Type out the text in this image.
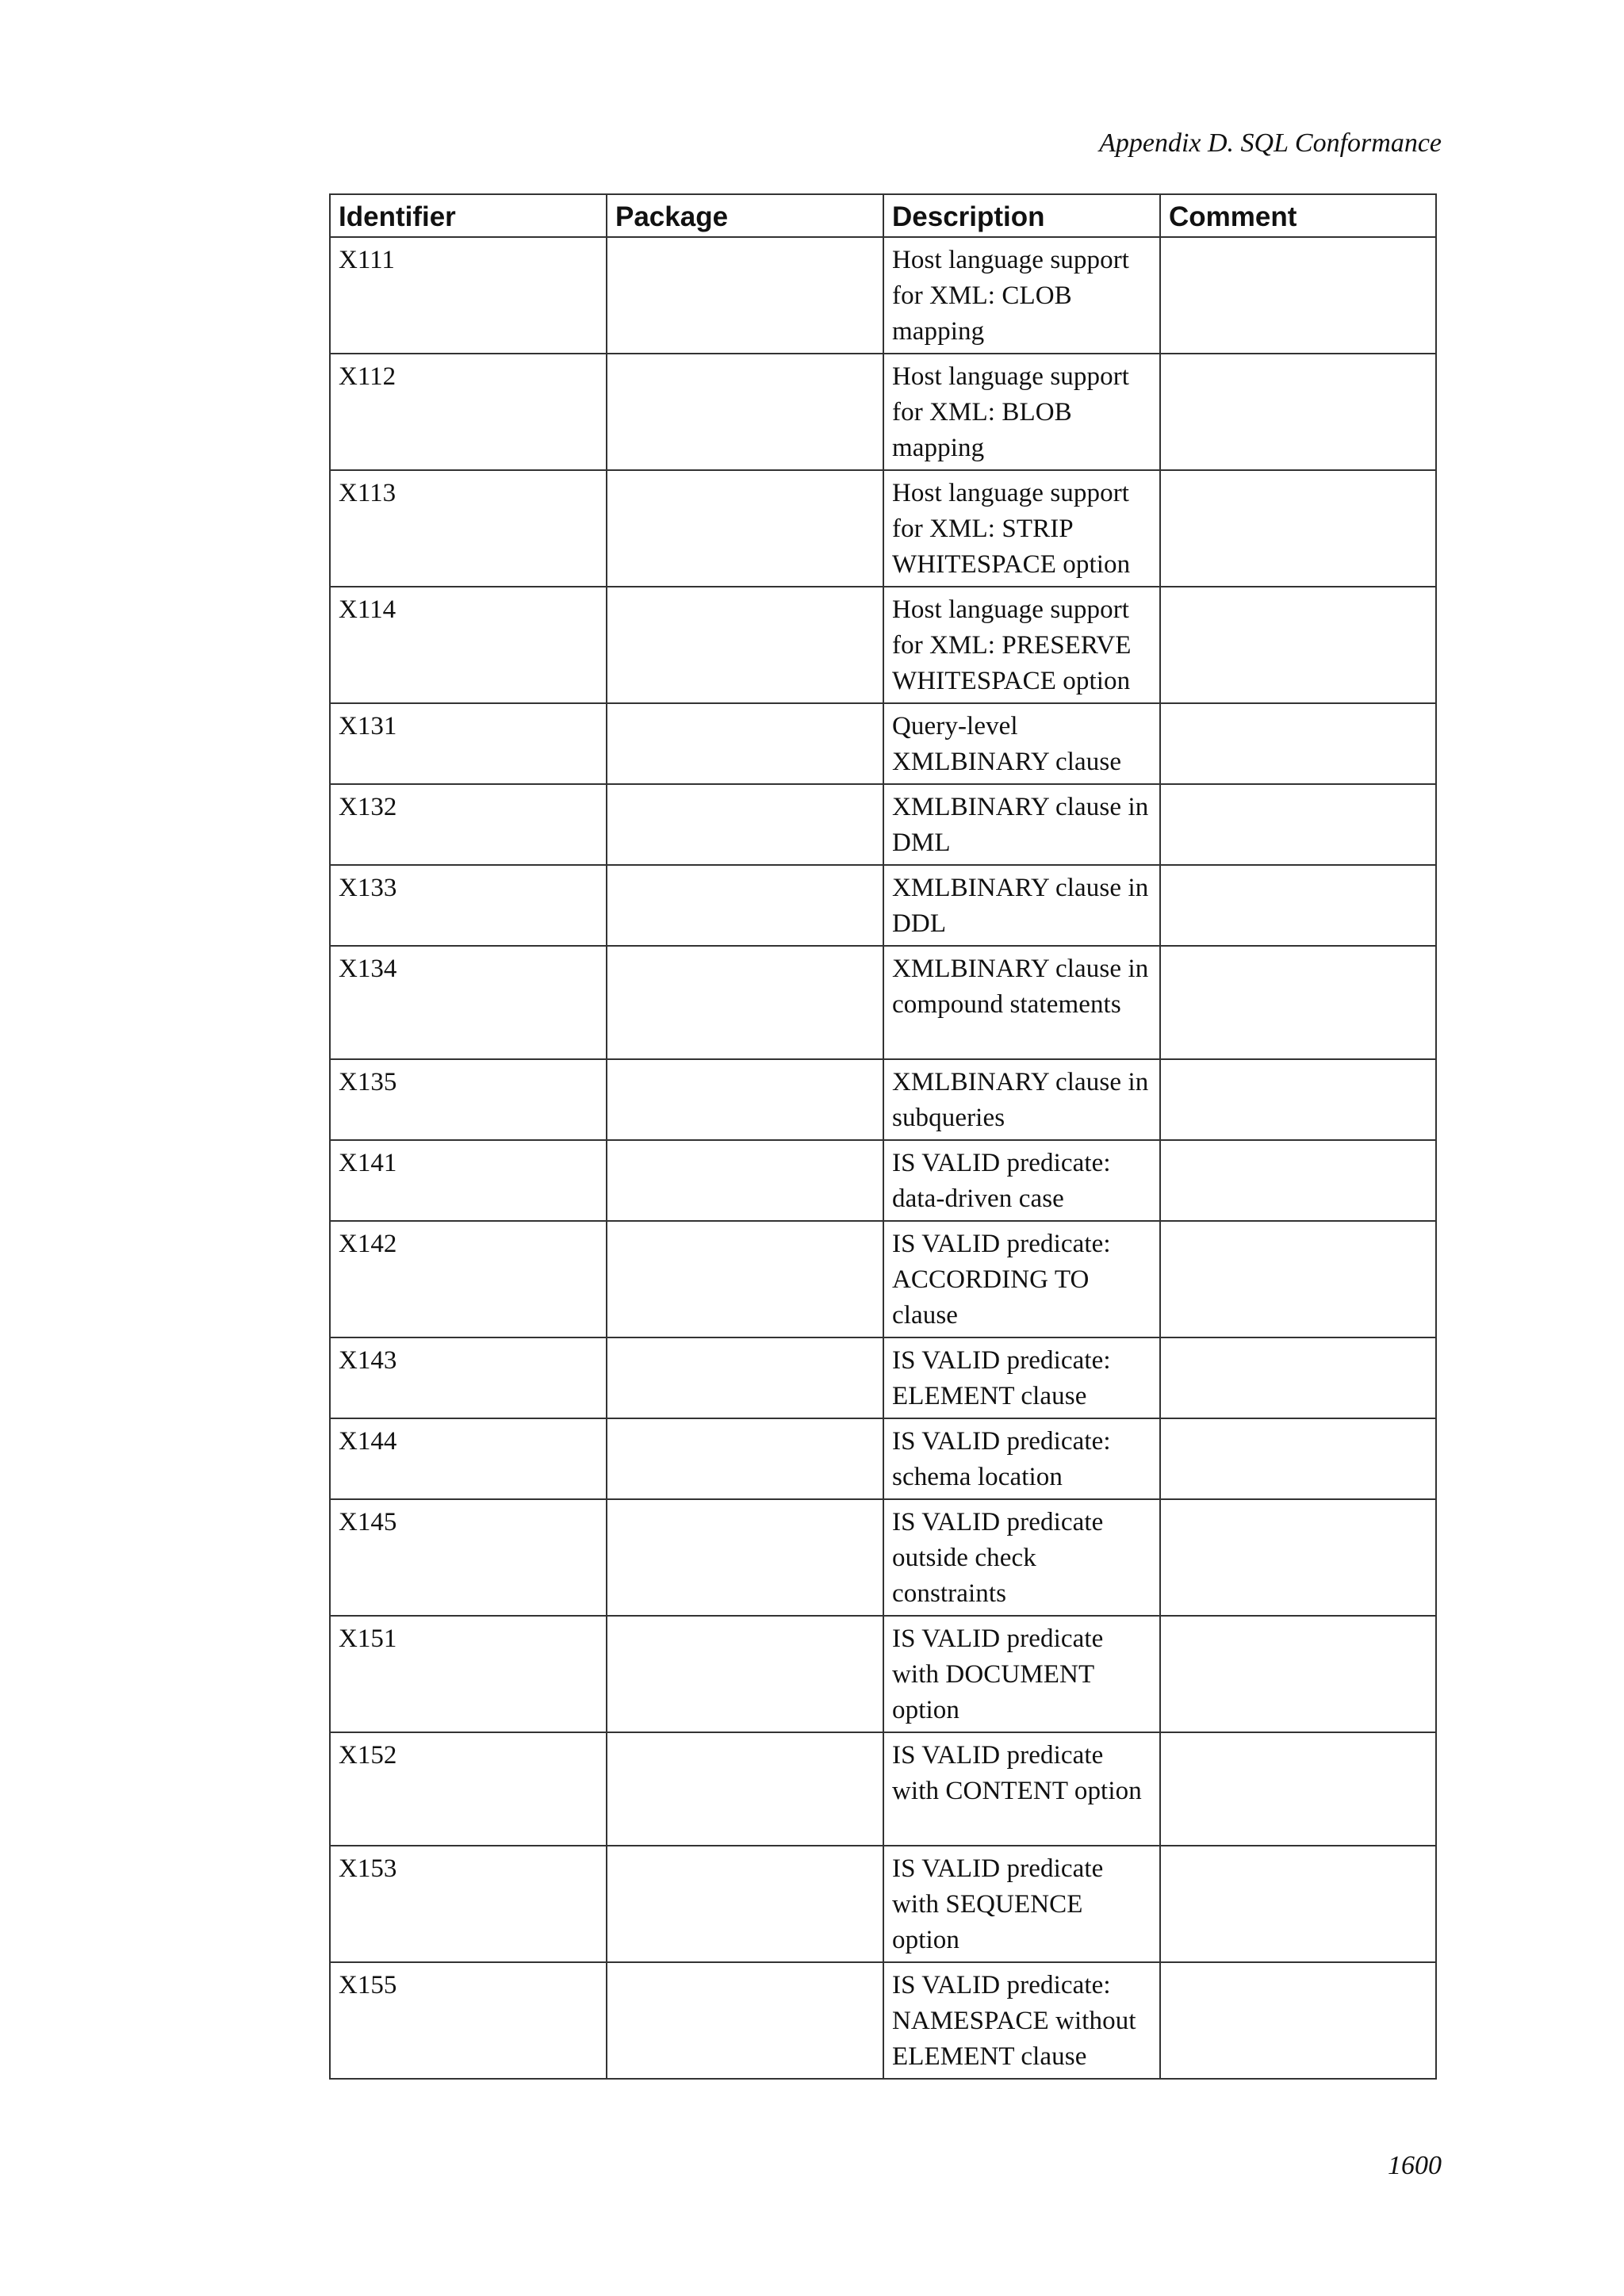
Appendix D. SQL Conformance
Identifier	Package	Description	Comment
X111		Host language support for XML: CLOB mapping	

X112		Host language support for XML: BLOB mapping	

X113		Host language support for XML: STRIP WHITESPACE option	

X114		Host language support for XML: PRESERVE WHITESPACE option	

X131		Query-level XMLBINARY clause	

X132		XMLBINARY clause in DML	

X133		XMLBINARY clause in DDL	

X134		XMLBINARY clause in compound statements	

X135		XMLBINARY clause in subqueries	

X141		IS VALID predicate: data-driven case	

X142		IS VALID predicate: ACCORDING TO clause	

X143		IS VALID predicate: ELEMENT clause	

X144		IS VALID predicate: schema location	

X145		IS VALID predicate outside check constraints	

X151		IS VALID predicate with DOCUMENT option	

X152		IS VALID predicate with CONTENT option	

X153		IS VALID predicate with SEQUENCE option	

X155		IS VALID predicate: NAMESPACE without ELEMENT clause	

1600
